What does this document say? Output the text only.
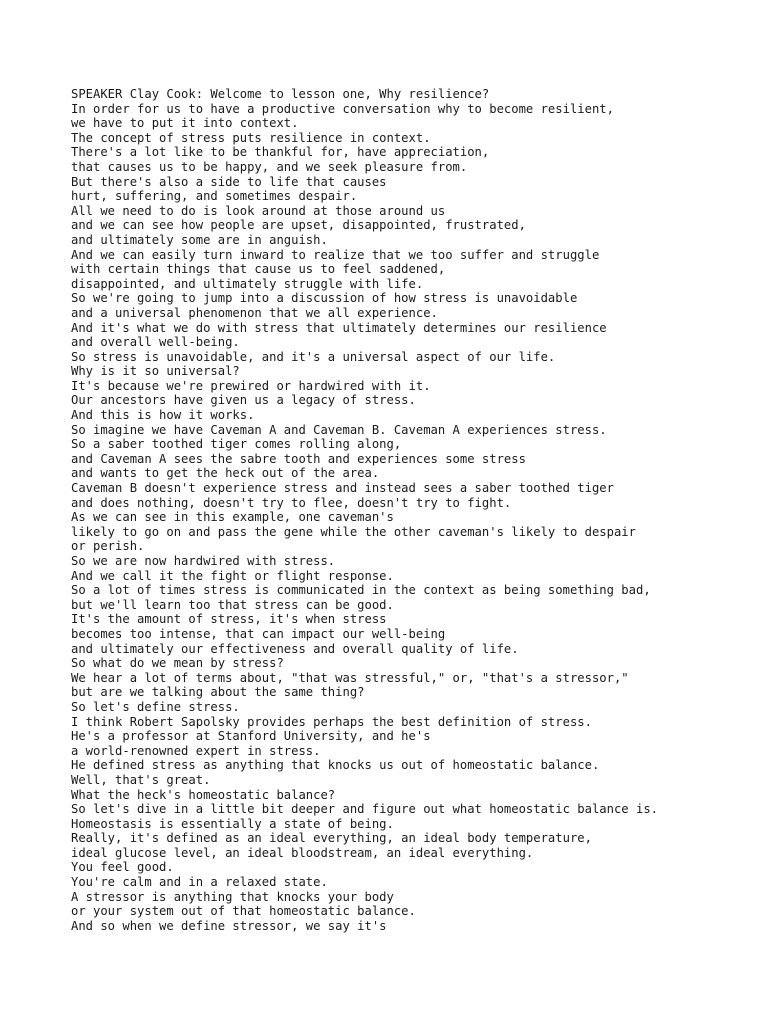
SPEAKER Clay Cook: Welcome to lesson one, Why resilience?
In order for us to have a productive conversation why to become resilient,
we have to put it into context.
The concept of stress puts resilience in context.
There's a lot like to be thankful for, have appreciation,
that causes us to be happy, and we seek pleasure from.
But there's also a side to life that causes
hurt, suffering, and sometimes despair.
All we need to do is look around at those around us
and we can see how people are upset, disappointed, frustrated,
and ultimately some are in anguish.
And we can easily turn inward to realize that we too suffer and struggle
with certain things that cause us to feel saddened,
disappointed, and ultimately struggle with life.
So we're going to jump into a discussion of how stress is unavoidable
and a universal phenomenon that we all experience.
And it's what we do with stress that ultimately determines our resilience
and overall well-being.
So stress is unavoidable, and it's a universal aspect of our life.
Why is it so universal?
It's because we're prewired or hardwired with it.
Our ancestors have given us a legacy of stress.
And this is how it works.
So imagine we have Caveman A and Caveman B. Caveman A experiences stress.
So a saber toothed tiger comes rolling along,
and Caveman A sees the sabre tooth and experiences some stress
and wants to get the heck out of the area.
Caveman B doesn't experience stress and instead sees a saber toothed tiger
and does nothing, doesn't try to flee, doesn't try to fight.
As we can see in this example, one caveman's
likely to go on and pass the gene while the other caveman's likely to despair
or perish.
So we are now hardwired with stress.
And we call it the fight or flight response.
So a lot of times stress is communicated in the context as being something bad,
but we'll learn too that stress can be good.
It's the amount of stress, it's when stress
becomes too intense, that can impact our well-being
and ultimately our effectiveness and overall quality of life.
So what do we mean by stress?
We hear a lot of terms about, "that was stressful," or, "that's a stressor,"
but are we talking about the same thing?
So let's define stress.
I think Robert Sapolsky provides perhaps the best definition of stress.
He's a professor at Stanford University, and he's
a world-renowned expert in stress.
He defined stress as anything that knocks us out of homeostatic balance.
Well, that's great.
What the heck's homeostatic balance?
So let's dive in a little bit deeper and figure out what homeostatic balance is.
Homeostasis is essentially a state of being.
Really, it's defined as an ideal everything, an ideal body temperature,
ideal glucose level, an ideal bloodstream, an ideal everything.
You feel good.
You're calm and in a relaxed state.
A stressor is anything that knocks your body
or your system out of that homeostatic balance.
And so when we define stressor, we say it's
